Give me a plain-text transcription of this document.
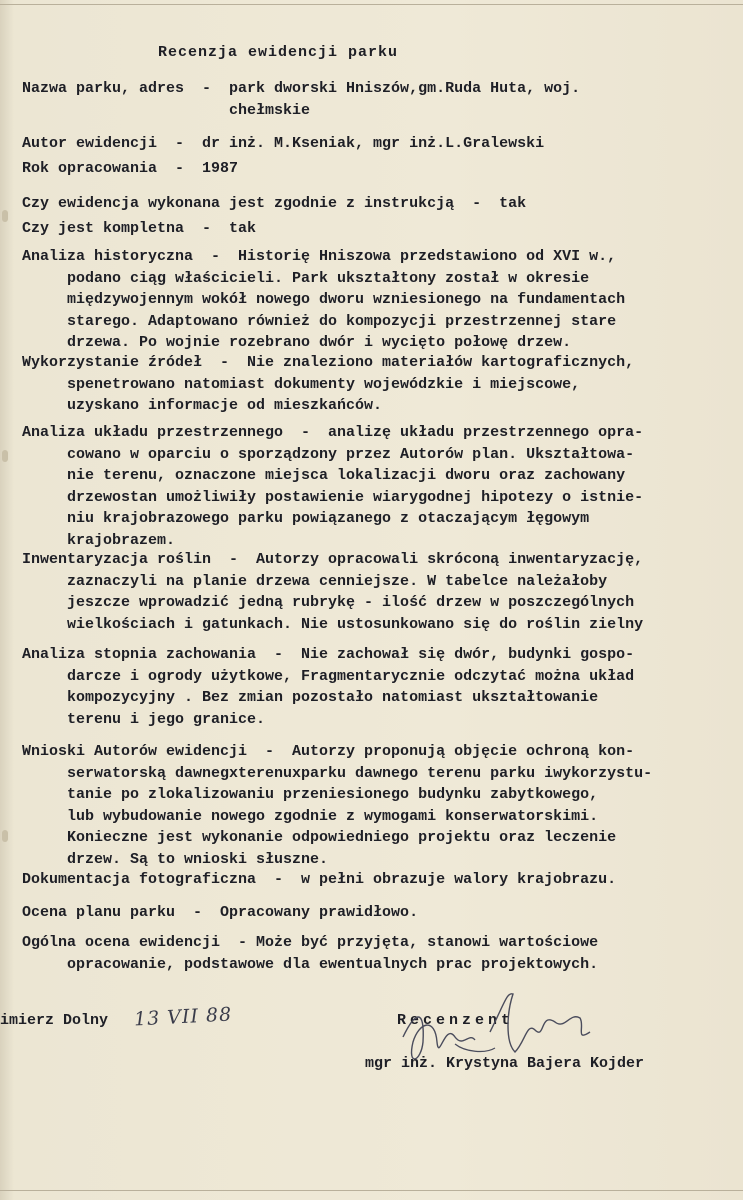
Recenzja ewidencji parku
Nazwa parku, adres  -  park dworski Hniszów,gm.Ruda Huta, woj.
chełmskie
Autor ewidencji  -  dr inż. M.Kseniak, mgr inż.L.Gralewski
Rok opracowania  -  1987
Czy ewidencja wykonana jest zgodnie z instrukcją  -  tak
Czy jest kompletna  -  tak
Analiza historyczna  -  Historię Hniszowa przedstawiono od XVI w.,
podano ciąg właścicieli. Park ukształtony został w okresie
międzywojennym wokół nowego dworu wzniesionego na fundamentach
starego. Adaptowano również do kompozycji przestrzennej stare
drzewa. Po wojnie rozebrano dwór i wycięto połowę drzew.
Wykorzystanie źródeł  -  Nie znaleziono materiałów kartograficznych,
spenetrowano natomiast dokumenty wojewódzkie i miejscowe,
uzyskano informacje od mieszkańców.
Analiza układu przestrzennego  -  analizę układu przestrzennego opra-
cowano w oparciu o sporządzony przez Autorów plan. Ukształtowa-
nie terenu, oznaczone miejsca lokalizacji dworu oraz zachowany
drzewostan umożliwiły postawienie wiarygodnej hipotezy o istnie-
niu krajobrazowego parku powiązanego z otaczającym łęgowym
krajobrazem.
Inwentaryzacja roślin  -  Autorzy opracowali skróconą inwentaryzację,
zaznaczyli na planie drzewa cenniejsze. W tabelce należałoby
jeszcze wprowadzić jedną rubrykę - ilość drzew w poszczególnych
wielkościach i gatunkach. Nie ustosunkowano się do roślin zielny
Analiza stopnia zachowania  -  Nie zachował się dwór, budynki gospo-
darcze i ogrody użytkowe, Fragmentarycznie odczytać można układ
kompozycyjny . Bez zmian pozostało natomiast ukształtowanie
terenu i jego granice.
Wnioski Autorów ewidencji  -  Autorzy proponują objęcie ochroną kon-
serwatorską dawnegxterenuxparku dawnego terenu parku iwykorzystu-
tanie po zlokalizowaniu przeniesionego budynku zabytkowego,
lub wybudowanie nowego zgodnie z wymogami konserwatorskimi.
Konieczne jest wykonanie odpowiedniego projektu oraz leczenie
drzew. Są to wnioski słuszne.
Dokumentacja fotograficzna  -  w pełni obrazuje walory krajobrazu.
Ocena planu parku  -  Opracowany prawidłowo.
Ogólna ocena ewidencji  - Może być przyjęta, stanowi wartościowe
opracowanie, podstawowe dla ewentualnych prac projektowych.
imierz Dolny 13 VII 88	Recenzent
mgr inż. Krystyna Bajera Kojder
